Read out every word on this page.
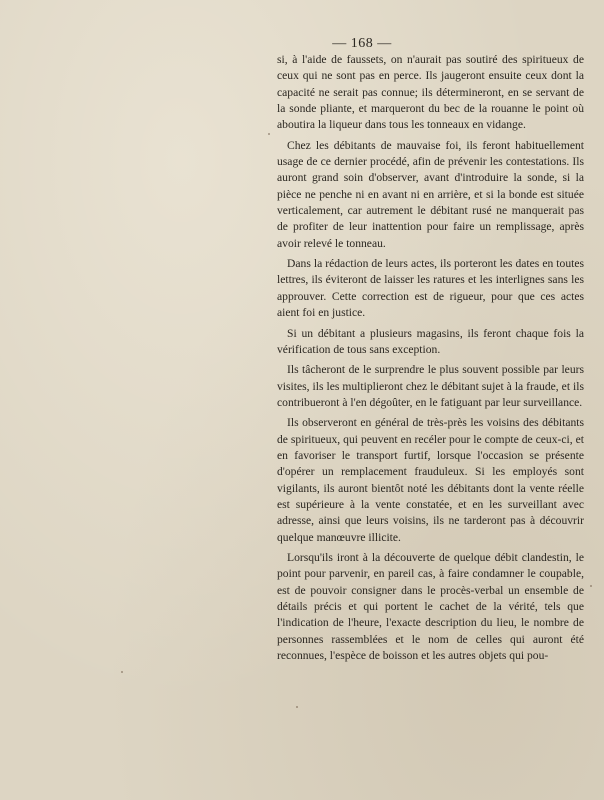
— 168 —

si, à l'aide de faussets, on n'aurait pas soutiré des spiritueux de ceux qui ne sont pas en perce. Ils jaugeront ensuite ceux dont la capacité ne serait pas connue; ils détermineront, en se servant de la sonde pliante, et marqueront du bec de la rouanne le point où aboutira la liqueur dans tous les tonneaux en vidange.

Chez les débitants de mauvaise foi, ils feront habituellement usage de ce dernier procédé, afin de prévenir les contestations. Ils auront grand soin d'observer, avant d'introduire la sonde, si la pièce ne penche ni en avant ni en arrière, et si la bonde est située verticalement, car autrement le débitant rusé ne manquerait pas de profiter de leur inattention pour faire un remplissage, après avoir relevé le tonneau.

Dans la rédaction de leurs actes, ils porteront les dates en toutes lettres, ils éviteront de laisser les ratures et les interlignes sans les approuver. Cette correction est de rigueur, pour que ces actes aient foi en justice.

Si un débitant a plusieurs magasins, ils feront chaque fois la vérification de tous sans exception.

Ils tâcheront de le surprendre le plus souvent possible par leurs visites, ils les multiplieront chez le débitant sujet à la fraude, et ils contribueront à l'en dégoûter, en le fatiguant par leur surveillance.

Ils observeront en général de très-près les voisins des débitants de spiritueux, qui peuvent en recéler pour le compte de ceux-ci, et en favoriser le transport furtif, lorsque l'occasion se présente d'opérer un remplacement frauduleux. Si les employés sont vigilants, ils auront bientôt noté les débitants dont la vente réelle est supérieure à la vente constatée, et en les surveillant avec adresse, ainsi que leurs voisins, ils ne tarderont pas à découvrir quelque manœuvre illicite.

Lorsqu'ils iront à la découverte de quelque débit clandestin, le point pour parvenir, en pareil cas, à faire condamner le coupable, est de pouvoir consigner dans le procès-verbal un ensemble de détails précis et qui portent le cachet de la vérité, tels que l'indication de l'heure, l'exacte description du lieu, le nombre de personnes rassemblées et le nom de celles qui auront été reconnues, l'espèce de boisson et les autres objets qui pou-
